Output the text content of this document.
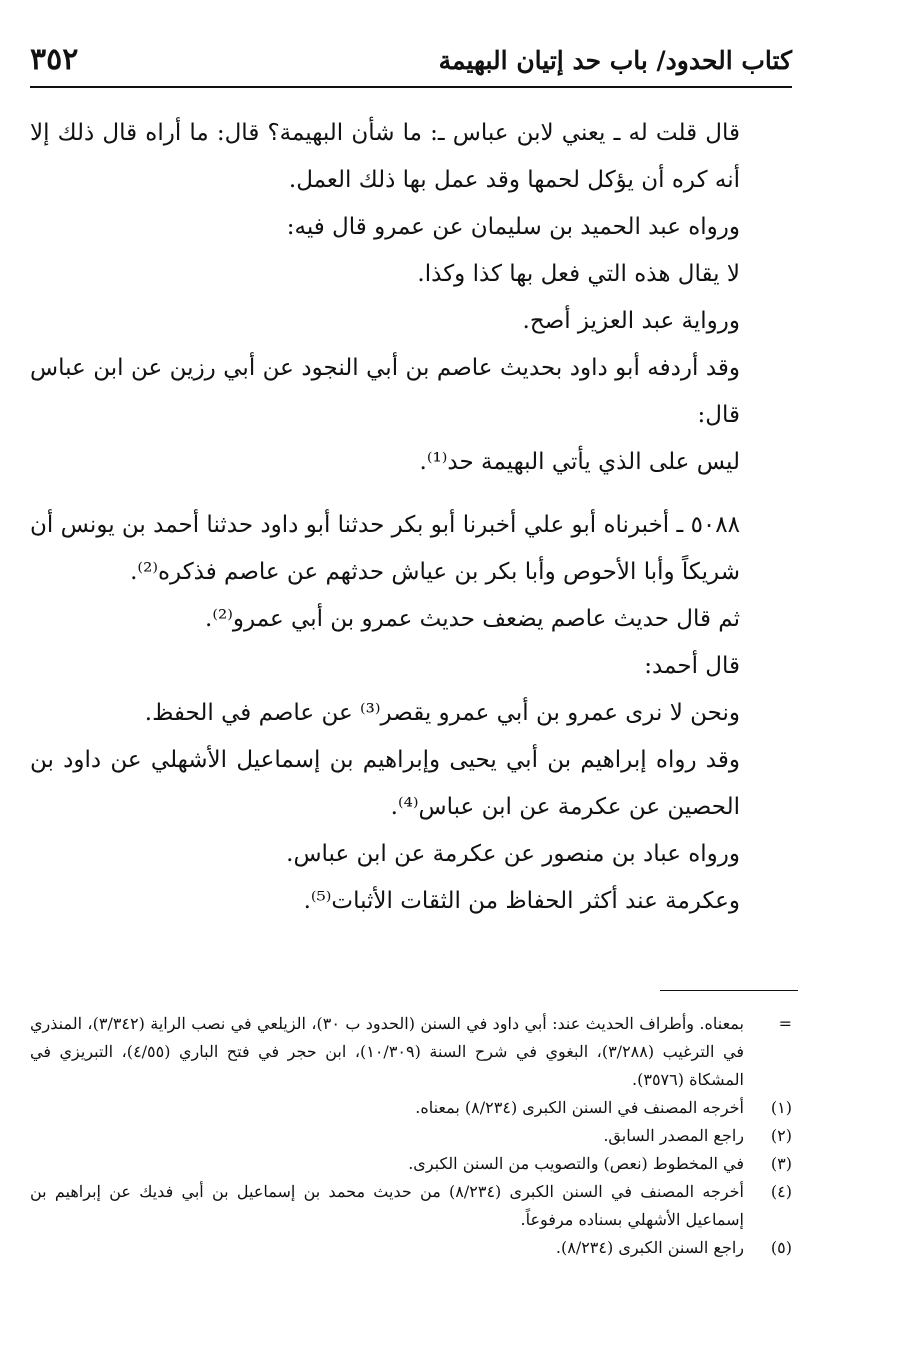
كتاب الحدود/ باب حد إتيان البهيمة
٣٥٢

قال قلت له ـ يعني لابن عباس ـ: ما شأن البهيمة؟ قال: ما أراه قال ذلك إلا أنه كره أن يؤكل لحمها وقد عمل بها ذلك العمل.

ورواه عبد الحميد بن سليمان عن عمرو قال فيه:

لا يقال هذه التي فعل بها كذا وكذا.

ورواية عبد العزيز أصح.

وقد أردفه أبو داود بحديث عاصم بن أبي النجود عن أبي رزين عن ابن عباس قال:

ليس على الذي يأتي البهيمة حد⁽¹⁾.

٥٠٨٨ ـ أخبرناه أبو علي أخبرنا أبو بكر حدثنا أبو داود حدثنا أحمد بن يونس أن شريكاً وأبا الأحوص وأبا بكر بن عياش حدثهم عن عاصم فذكره⁽²⁾.

ثم قال حديث عاصم يضعف حديث عمرو بن أبي عمرو⁽²⁾.

قال أحمد:

ونحن لا نرى عمرو بن أبي عمرو يقصر⁽³⁾ عن عاصم في الحفظ.

وقد رواه إبراهيم بن أبي يحيى وإبراهيم بن إسماعيل الأشهلي عن داود بن الحصين عن عكرمة عن ابن عباس⁽⁴⁾.

ورواه عباد بن منصور عن عكرمة عن ابن عباس.

وعكرمة عند أكثر الحفاظ من الثقات الأثبات⁽⁵⁾.

=
بمعناه. وأطراف الحديث عند: أبي داود في السنن (الحدود ب ٣٠)، الزيلعي في نصب الراية (٣/٣٤٢)، المنذري في الترغيب (٣/٢٨٨)، البغوي في شرح السنة (١٠/٣٠٩)، ابن حجر في فتح الباري (٤/٥٥)، التبريزي في المشكاة (٣٥٧٦).
(١)
أخرجه المصنف في السنن الكبرى (٨/٢٣٤) بمعناه.
(٢)
راجع المصدر السابق.
(٣)
في المخطوط (نعص) والتصويب من السنن الكبرى.
(٤)
أخرجه المصنف في السنن الكبرى (٨/٢٣٤) من حديث محمد بن إسماعيل بن أبي فديك عن إبراهيم بن إسماعيل الأشهلي بسناده مرفوعاً.
(٥)
راجع السنن الكبرى (٨/٢٣٤).
